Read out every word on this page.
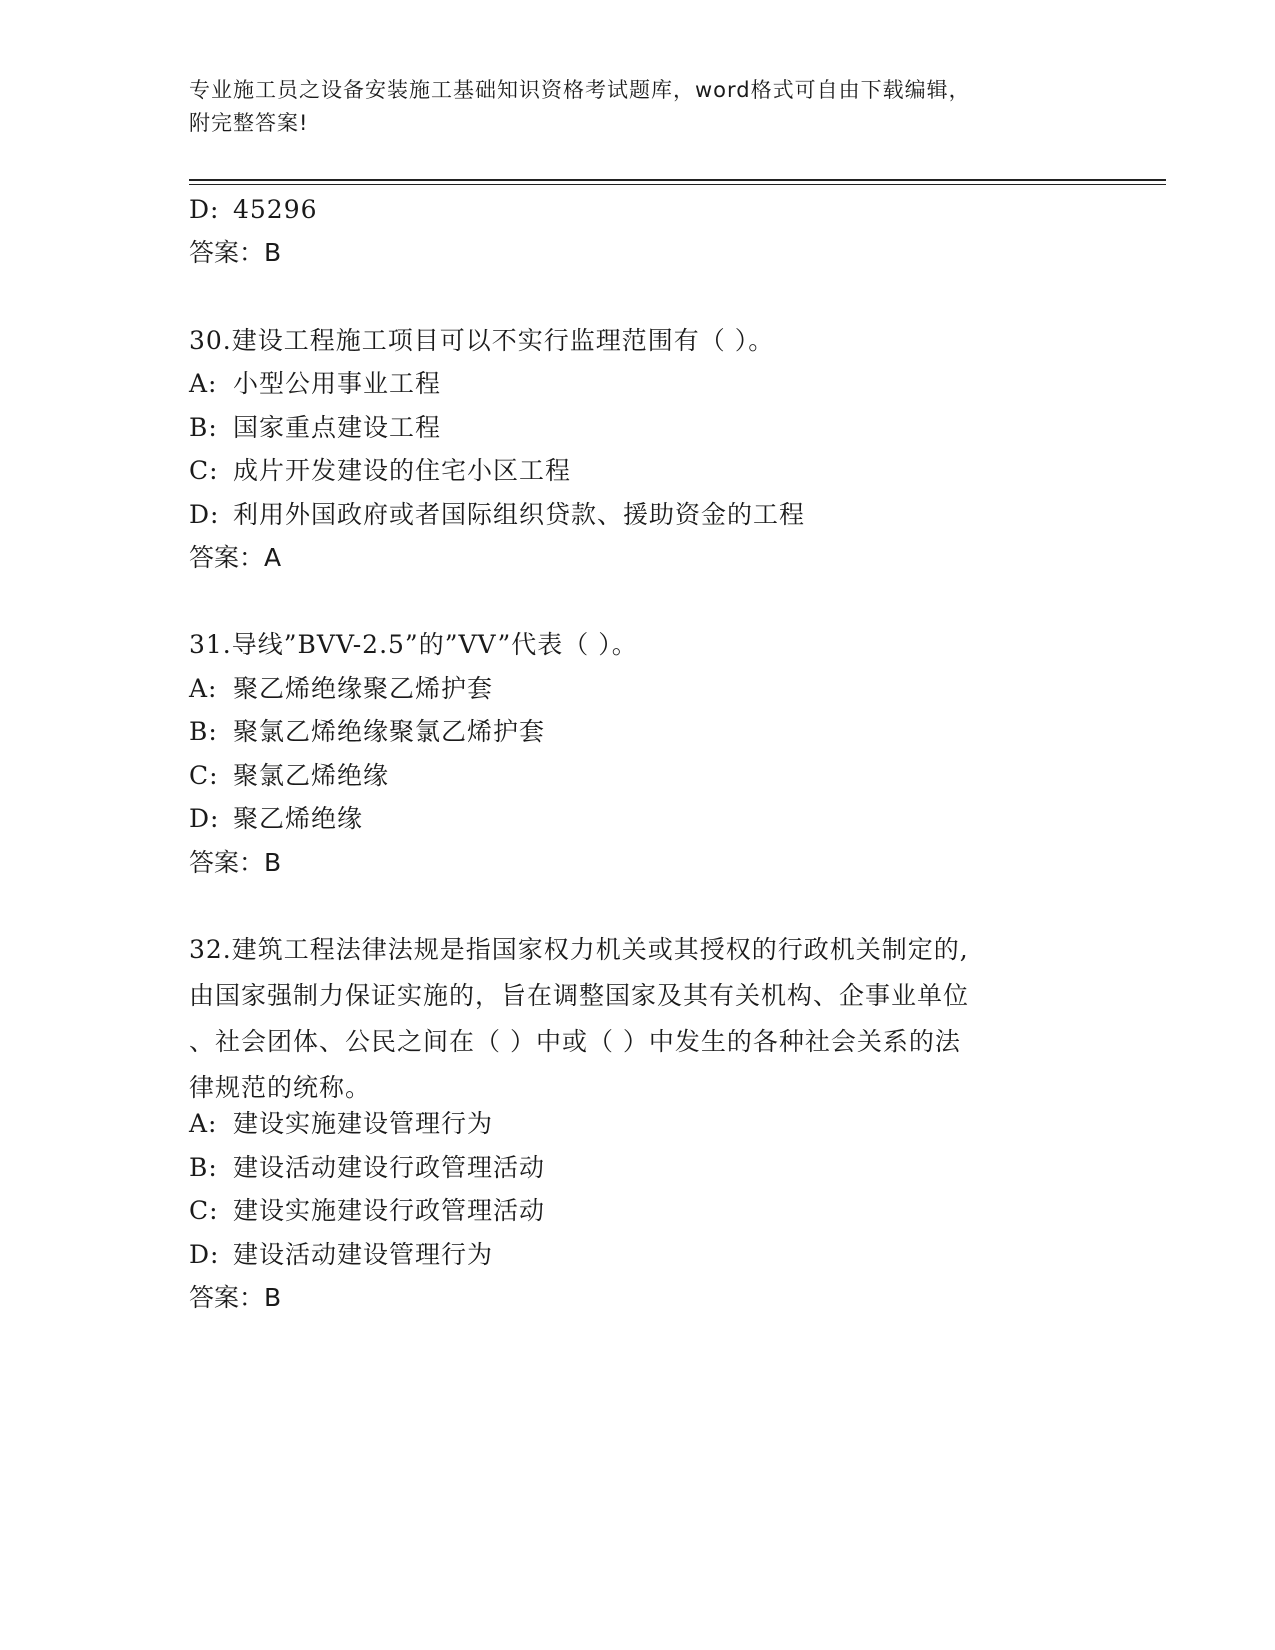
专业施工员之设备安装施工基础知识资格考试题库，word格式可自由下载编辑，
附完整答案!
D: 45296
答案：B
30.建设工程施工项目可以不实行监理范围有（ ）。
A: 小型公用事业工程
B: 国家重点建设工程
C: 成片开发建设的住宅小区工程
D: 利用外国政府或者国际组织贷款、援助资金的工程
答案：A
31.导线”BVV-2.5”的”VV”代表（ ）。
A: 聚乙烯绝缘聚乙烯护套
B: 聚氯乙烯绝缘聚氯乙烯护套
C: 聚氯乙烯绝缘
D: 聚乙烯绝缘
答案：B
32.建筑工程法律法规是指国家权力机关或其授权的行政机关制定的,
由国家强制力保证实施的，旨在调整国家及其有关机构、企事业单位
、社会团体、公民之间在（ ）中或（ ）中发生的各种社会关系的法
律规范的统称。
A: 建设实施建设管理行为
B: 建设活动建设行政管理活动
C: 建设实施建设行政管理活动
D: 建设活动建设管理行为
答案：B
